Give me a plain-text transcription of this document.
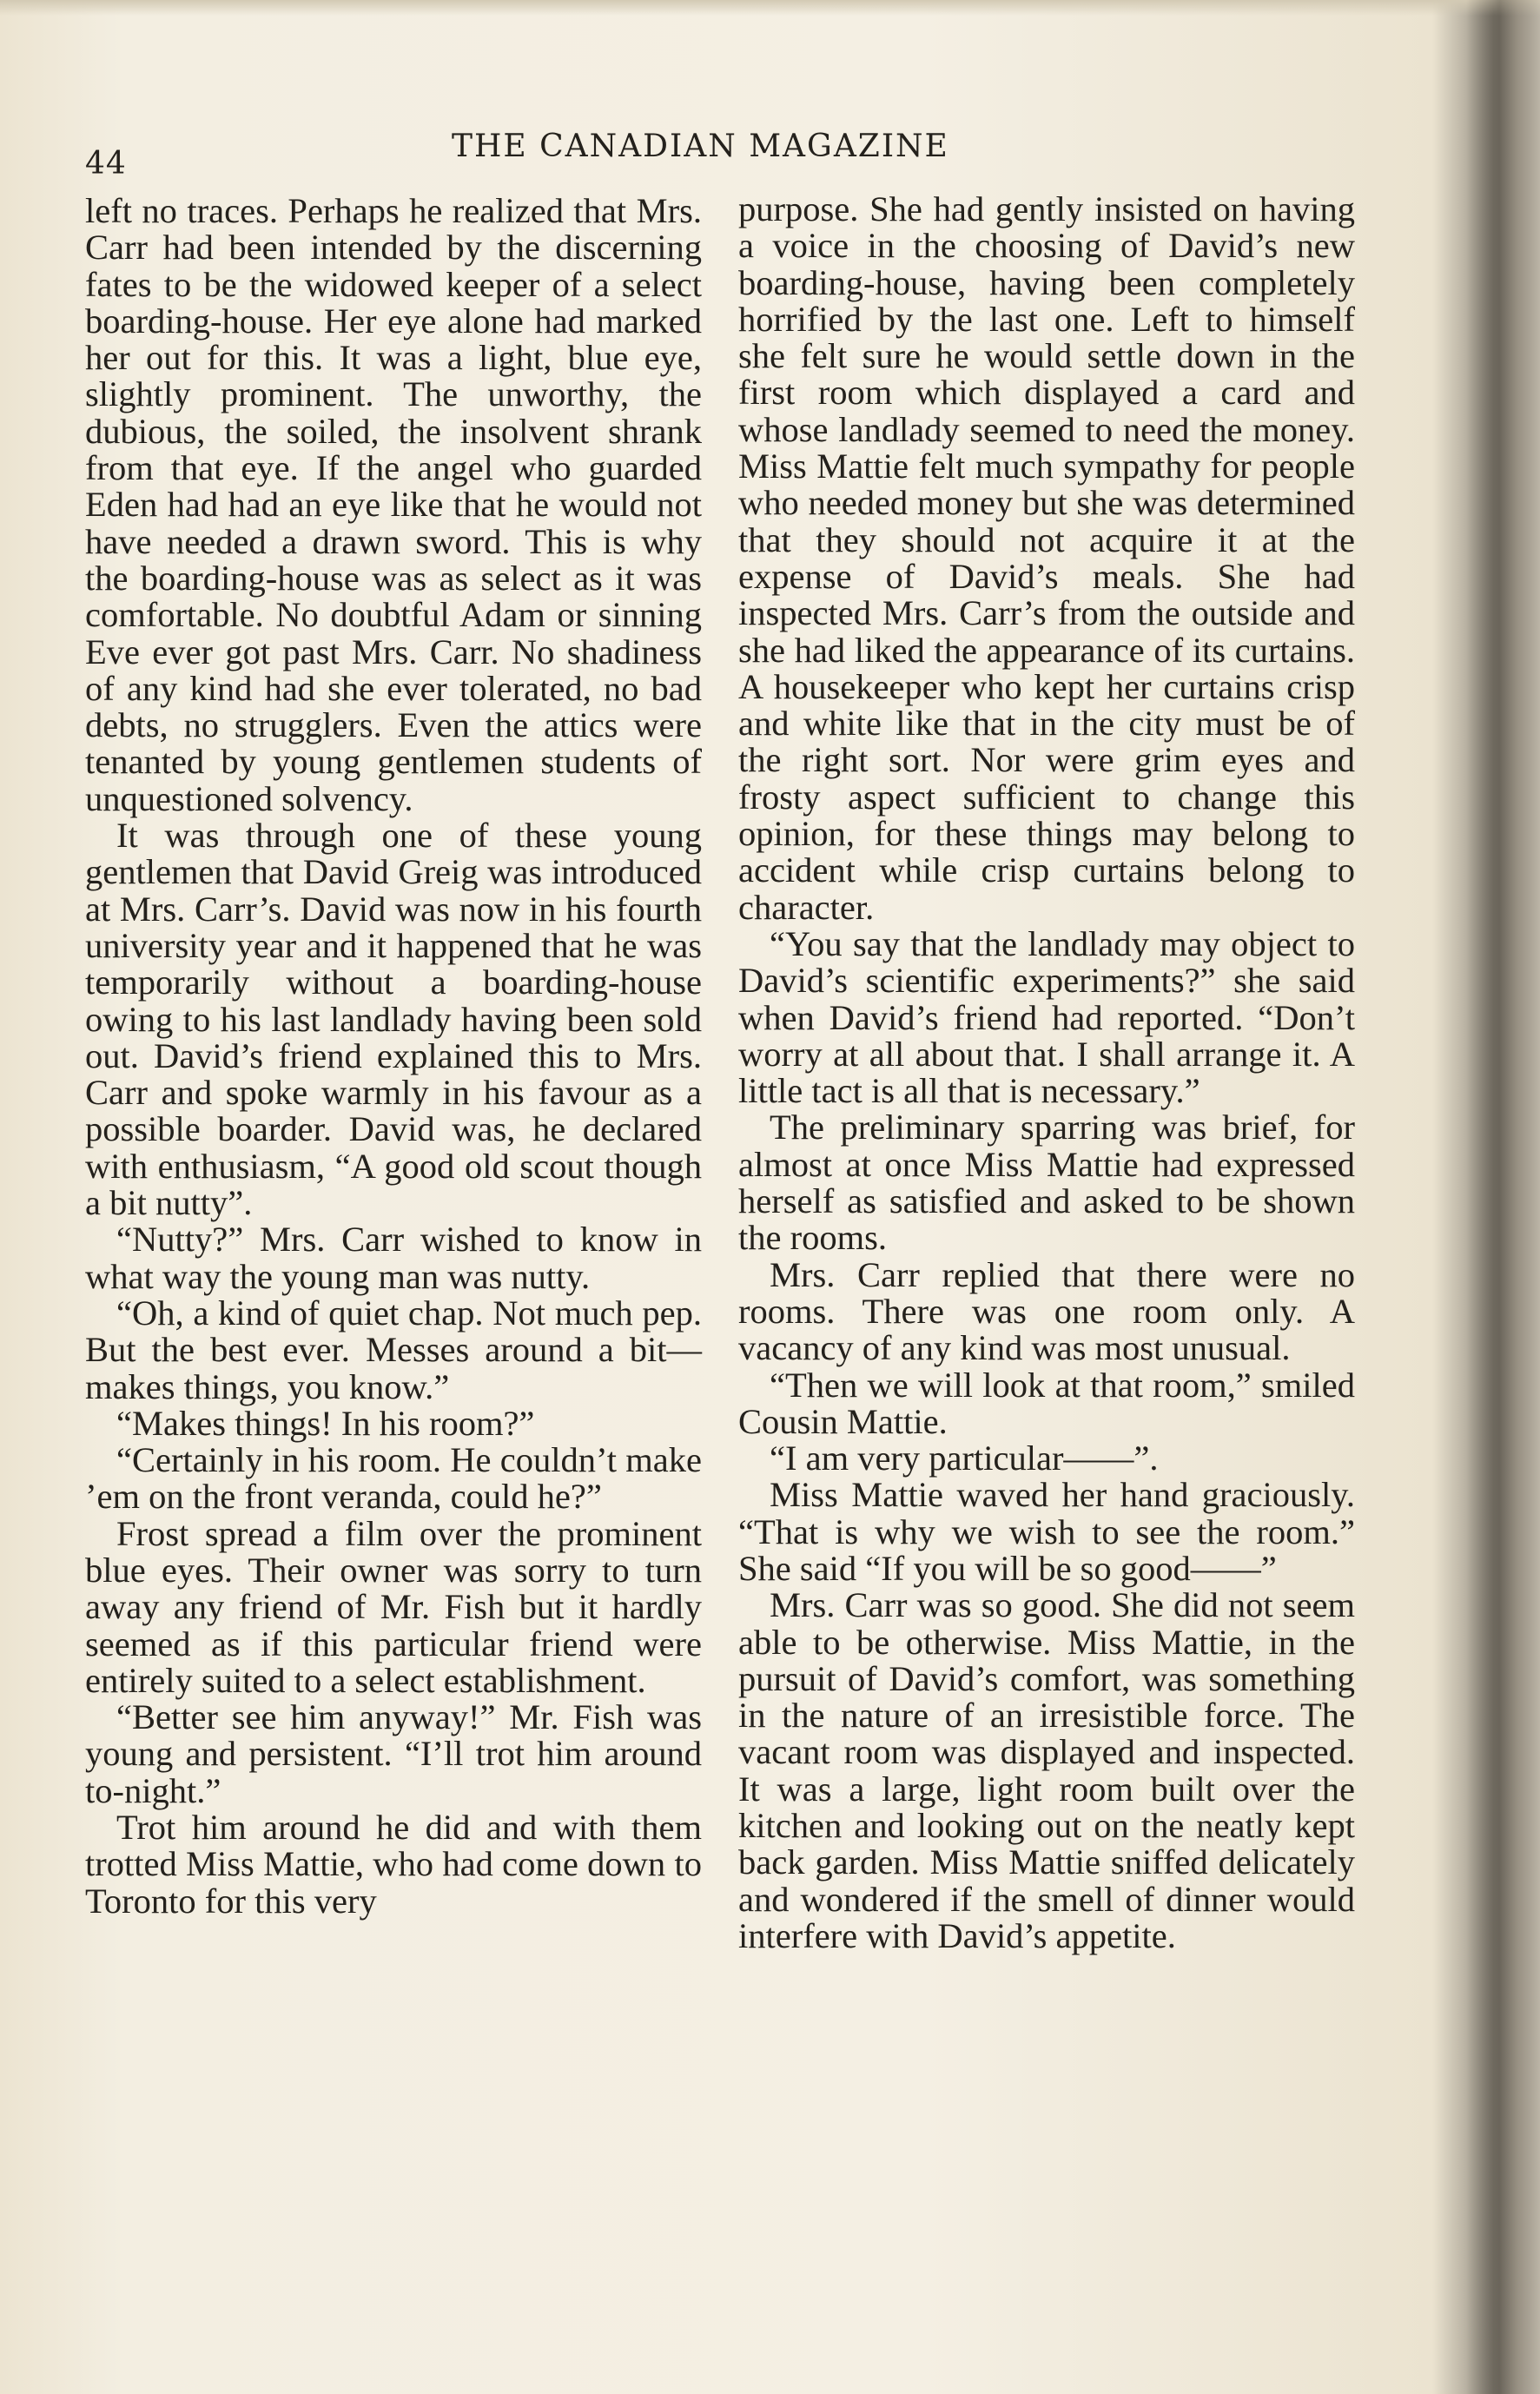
44	THE CANADIAN MAGAZINE

left no traces. Perhaps he realized that Mrs. Carr had been intended by the discerning fates to be the widowed keeper of a select boarding-house. Her eye alone had marked her out for this. It was a light, blue eye, slightly prominent. The unworthy, the dubious, the soiled, the insolvent shrank from that eye. If the angel who guarded Eden had had an eye like that he would not have needed a drawn sword. This is why the boarding-house was as select as it was comfortable. No doubtful Adam or sinning Eve ever got past Mrs. Carr. No shadiness of any kind had she ever tolerated, no bad debts, no strugglers. Even the attics were tenanted by young gentlemen students of unquestioned solvency.

It was through one of these young gentlemen that David Greig was introduced at Mrs. Carr’s. David was now in his fourth university year and it happened that he was temporarily without a boarding-house owing to his last landlady having been sold out. David’s friend explained this to Mrs. Carr and spoke warmly in his favour as a possible boarder. David was, he declared with enthusiasm, “A good old scout though a bit nutty”.

“Nutty?” Mrs. Carr wished to know in what way the young man was nutty.

“Oh, a kind of quiet chap. Not much pep. But the best ever. Messes around a bit—makes things, you know.”

“Makes things! In his room?”

“Certainly in his room. He couldn’t make ’em on the front veranda, could he?”

Frost spread a film over the prominent blue eyes. Their owner was sorry to turn away any friend of Mr. Fish but it hardly seemed as if this particular friend were entirely suited to a select establishment.

“Better see him anyway!” Mr. Fish was young and persistent. “I’ll trot him around to-night.”

Trot him around he did and with them trotted Miss Mattie, who had come down to Toronto for this very

purpose. She had gently insisted on having a voice in the choosing of David’s new boarding-house, having been completely horrified by the last one. Left to himself she felt sure he would settle down in the first room which displayed a card and whose landlady seemed to need the money. Miss Mattie felt much sympathy for people who needed money but she was determined that they should not acquire it at the expense of David’s meals. She had inspected Mrs. Carr’s from the outside and she had liked the appearance of its curtains. A housekeeper who kept her curtains crisp and white like that in the city must be of the right sort. Nor were grim eyes and frosty aspect sufficient to change this opinion, for these things may belong to accident while crisp curtains belong to character.

“You say that the landlady may object to David’s scientific experiments?” she said when David’s friend had reported. “Don’t worry at all about that. I shall arrange it. A little tact is all that is necessary.”

The preliminary sparring was brief, for almost at once Miss Mattie had expressed herself as satisfied and asked to be shown the rooms.

Mrs. Carr replied that there were no rooms. There was one room only. A vacancy of any kind was most unusual.

“Then we will look at that room,” smiled Cousin Mattie.

“I am very particular——”.

Miss Mattie waved her hand graciously. “That is why we wish to see the room.” She said “If you will be so good——”

Mrs. Carr was so good. She did not seem able to be otherwise. Miss Mattie, in the pursuit of David’s comfort, was something in the nature of an irresistible force. The vacant room was displayed and inspected. It was a large, light room built over the kitchen and looking out on the neatly kept back garden. Miss Mattie sniffed delicately and wondered if the smell of dinner would interfere with David’s appetite.
